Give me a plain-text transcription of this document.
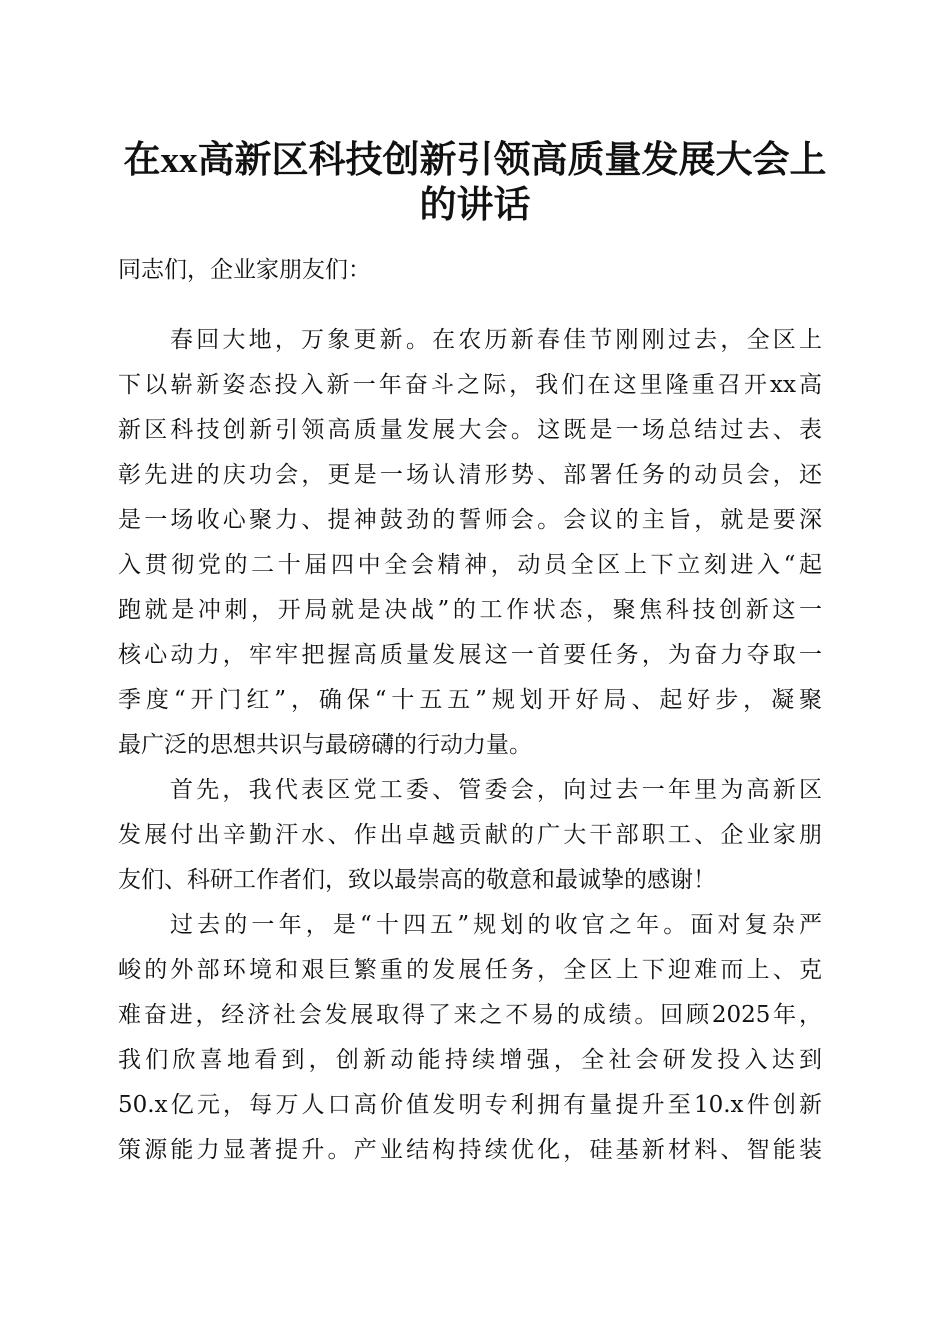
在xx高新区科技创新引领高质量发展大会上
的讲话
同志们，企业家朋友们：
春回大地，万象更新。在农历新春佳节刚刚过去，全区上
下以崭新姿态投入新一年奋斗之际，我们在这里隆重召开xx高
新区科技创新引领高质量发展大会。这既是一场总结过去、表
彰先进的庆功会，更是一场认清形势、部署任务的动员会，还
是一场收心聚力、提神鼓劲的誓师会。会议的主旨，就是要深
入贯彻党的二十届四中全会精神，动员全区上下立刻进入“起
跑就是冲刺，开局就是决战”的工作状态，聚焦科技创新这一
核心动力，牢牢把握高质量发展这一首要任务，为奋力夺取一
季度“开门红”，确保“十五五”规划开好局、起好步，凝聚
最广泛的思想共识与最磅礴的行动力量。
首先，我代表区党工委、管委会，向过去一年里为高新区
发展付出辛勤汗水、作出卓越贡献的广大干部职工、企业家朋
友们、科研工作者们，致以最崇高的敬意和最诚挚的感谢！
过去的一年，是“十四五”规划的收官之年。面对复杂严
峻的外部环境和艰巨繁重的发展任务，全区上下迎难而上、克
难奋进，经济社会发展取得了来之不易的成绩。回顾2025年，
我们欣喜地看到，创新动能持续增强，全社会研发投入达到
50.x亿元，每万人口高价值发明专利拥有量提升至10.x件创新
策源能力显著提升。产业结构持续优化，硅基新材料、智能装
